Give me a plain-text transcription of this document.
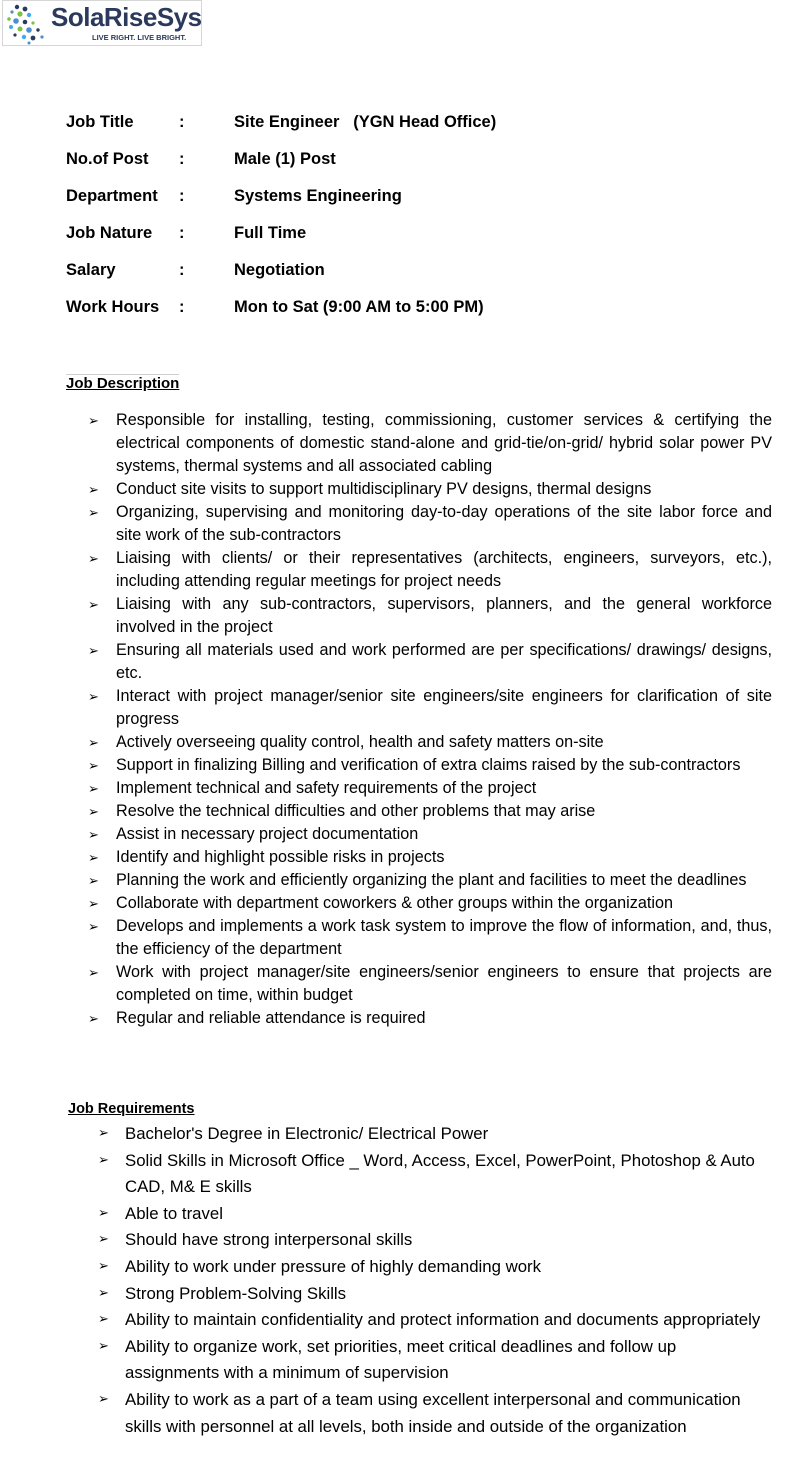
SolaRiseSys
LIVE RIGHT. LIVE BRIGHT.
Job Title	:	Site Engineer   (YGN Head Office)
No.of Post :	Male (1) Post
Department :	Systems Engineering
Job Nature :	Full Time
Salary	:	Negotiation
Work Hours :	Mon to Sat (9:00 AM to 5:00 PM)
Job Description
➢ Responsible for installing, testing, commissioning, customer services & certifying the electrical components of domestic stand-alone and grid-tie/on-grid/ hybrid solar power PV systems, thermal systems and all associated cabling
➢ Conduct site visits to support multidisciplinary PV designs, thermal designs
➢ Organizing, supervising and monitoring day-to-day operations of the site labor force and site work of the sub-contractors
➢ Liaising with clients/ or their representatives (architects, engineers, surveyors, etc.), including attending regular meetings for project needs
➢ Liaising with any sub-contractors, supervisors, planners, and the general workforce involved in the project
➢ Ensuring all materials used and work performed are per specifications/ drawings/ designs, etc.
➢ Interact with project manager/senior site engineers/site engineers for clarification of site progress
➢ Actively overseeing quality control, health and safety matters on-site
➢ Support in finalizing Billing and verification of extra claims raised by the sub-contractors
➢ Implement technical and safety requirements of the project
➢ Resolve the technical difficulties and other problems that may arise
➢ Assist in necessary project documentation
➢ Identify and highlight possible risks in projects
➢ Planning the work and efficiently organizing the plant and facilities to meet the deadlines
➢ Collaborate with department coworkers & other groups within the organization
➢ Develops and implements a work task system to improve the flow of information, and, thus, the efficiency of the department
➢ Work with project manager/site engineers/senior engineers to ensure that projects are completed on time, within budget
➢ Regular and reliable attendance is required
Job Requirements
➢ Bachelor's Degree in Electronic/ Electrical Power
➢ Solid Skills in Microsoft Office _ Word, Access, Excel, PowerPoint, Photoshop & Auto CAD, M& E skills
➢ Able to travel
➢ Should have strong interpersonal skills
➢ Ability to work under pressure of highly demanding work
➢ Strong Problem-Solving Skills
➢ Ability to maintain confidentiality and protect information and documents appropriately
➢ Ability to organize work, set priorities, meet critical deadlines and follow up assignments with a minimum of supervision
➢ Ability to work as a part of a team using excellent interpersonal and communication skills with personnel at all levels, both inside and outside of the organization
